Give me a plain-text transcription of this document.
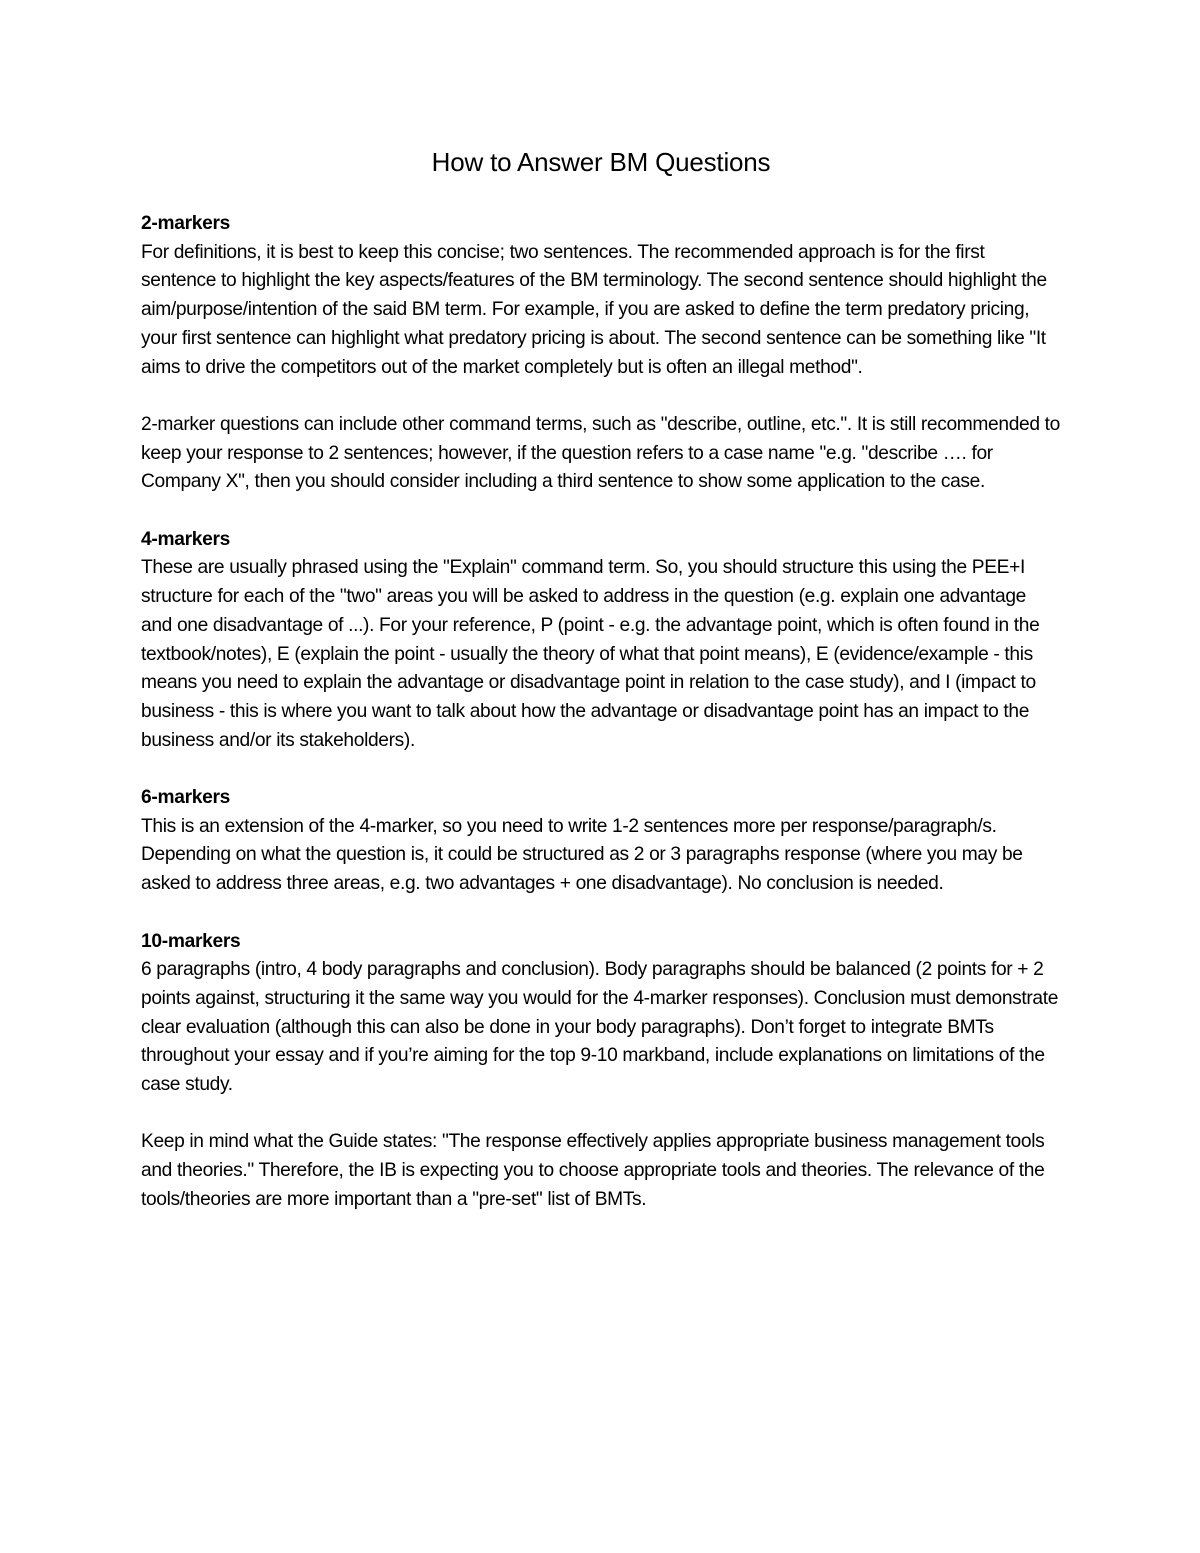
How to Answer BM Questions

2-markers

For definitions, it is best to keep this concise; two sentences. The recommended approach is for the first sentence to highlight the key aspects/features of the BM terminology. The second sentence should highlight the aim/purpose/intention of the said BM term. For example, if you are asked to define the term predatory pricing, your first sentence can highlight what predatory pricing is about. The second sentence can be something like "It aims to drive the competitors out of the market completely but is often an illegal method".

2-marker questions can include other command terms, such as "describe, outline, etc.". It is still recommended to keep your response to 2 sentences; however, if the question refers to a case name "e.g. "describe …. for Company X", then you should consider including a third sentence to show some application to the case.

4-markers

These are usually phrased using the "Explain" command term. So, you should structure this using the PEE+I structure for each of the "two" areas you will be asked to address in the question (e.g. explain one advantage and one disadvantage of ...). For your reference, P (point - e.g. the advantage point, which is often found in the textbook/notes), E (explain the point - usually the theory of what that point means), E (evidence/example - this means you need to explain the advantage or disadvantage point in relation to the case study), and I (impact to business - this is where you want to talk about how the advantage or disadvantage point has an impact to the business and/or its stakeholders).

6-markers

This is an extension of the 4-marker, so you need to write 1-2 sentences more per response/paragraph/s. Depending on what the question is, it could be structured as 2 or 3 paragraphs response (where you may be asked to address three areas, e.g. two advantages + one disadvantage). No conclusion is needed.

10-markers

6 paragraphs (intro, 4 body paragraphs and conclusion). Body paragraphs should be balanced (2 points for + 2 points against, structuring it the same way you would for the 4-marker responses). Conclusion must demonstrate clear evaluation (although this can also be done in your body paragraphs). Don’t forget to integrate BMTs throughout your essay and if you’re aiming for the top 9-10 markband, include explanations on limitations of the case study.

Keep in mind what the Guide states: "The response effectively applies appropriate business management tools and theories." Therefore, the IB is expecting you to choose appropriate tools and theories. The relevance of the tools/theories are more important than a "pre-set" list of BMTs.
